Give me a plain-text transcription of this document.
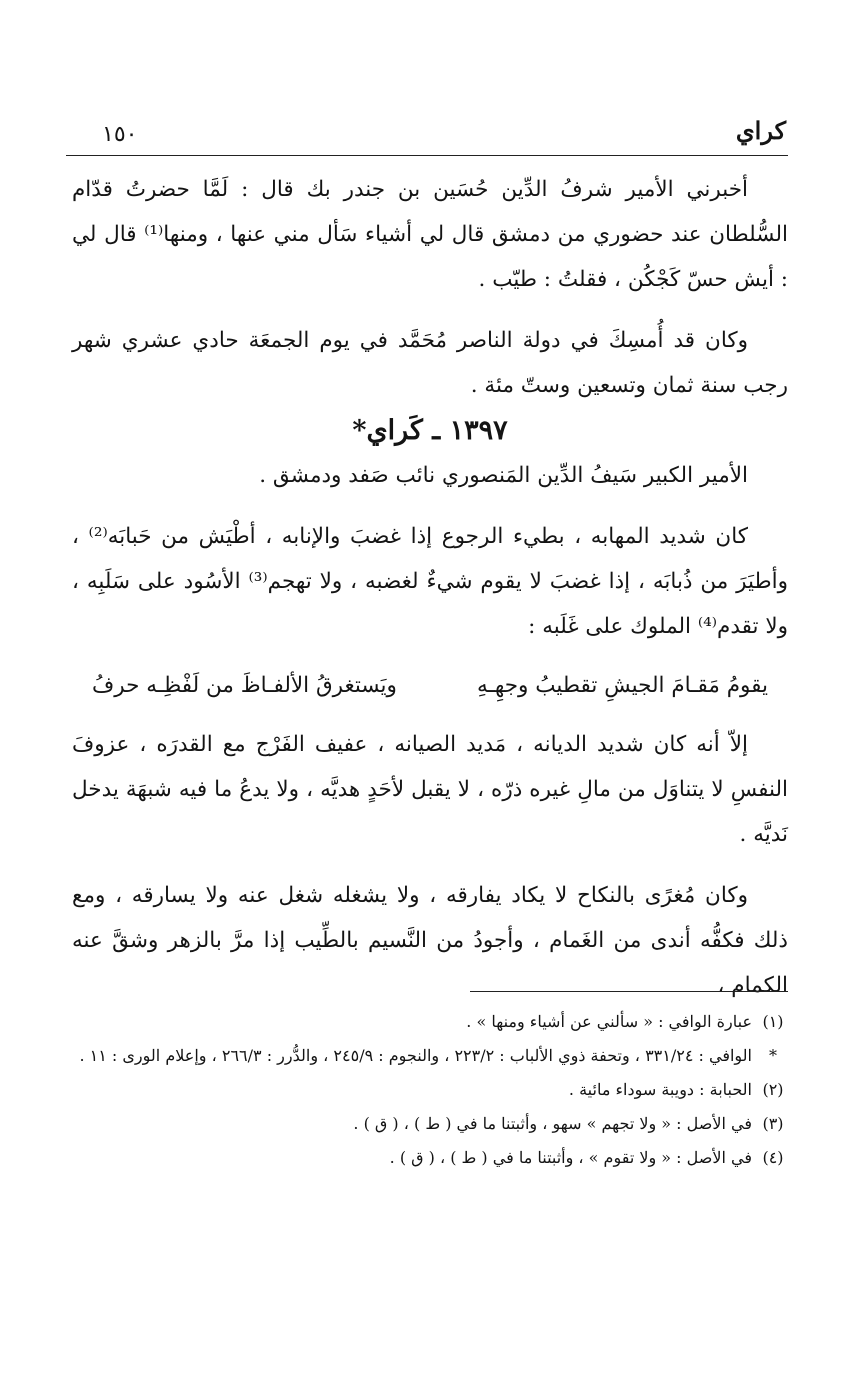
كراي
١٥٠

أخبرني الأمير شرفُ الدِّين حُسَين بن جندر بك قال : لَمَّا حضرتُ قدّام السُّلطان عند حضوري من دمشق قال لي أشياء سَأل مني عنها ، ومنها⁽¹⁾ قال لي : أيش حسّ كَجْكُن ، فقلتُ : طيّب .

وكان قد أُمسِكَ في دولة الناصر مُحَمَّد في يوم الجمعَة حادي عشري شهر رجب سنة ثمان وتسعين وستّ مئة .

١٣٩٧ ـ كَراي*

الأمير الكبير سَيفُ الدِّين المَنصوري نائب صَفد ودمشق .

كان شديد المهابه ، بطيء الرجوع إذا غضبَ والإنابه ، أطْيَش من حَبابَه⁽²⁾ ، وأطيَرَ من ذُبابَه ، إذا غضبَ لا يقوم شيءٌ لغضبه ، ولا تهجم⁽³⁾ الأسُود على سَلَبِه ، ولا تقدم⁽⁴⁾ الملوك على غَلَبه :

يقومُ مَقـامَ الجيشِ تقطيبُ وجهِـهِ
ويَستغرقُ الألفـاظَ من لَفْظِـه حرفُ

إلاّ أنه كان شديد الديانه ، مَديد الصيانه ، عفيف الفَرْج مع القدرَه ، عزوفَ النفسِ لا يتناوَل من مالِ غيره ذرّه ، لا يقبل لأحَدٍ هديَّه ، ولا يدعُ ما فيه شبهَة يدخل نَديَّه .

وكان مُغرًى بالنكاح لا يكاد يفارقه ، ولا يشغله شغل عنه ولا يسارقه ، ومع ذلك فكفُّه أندى من الغَمام ، وأجودُ من النَّسيم بالطِّيب إذا مرَّ بالزهر وشقَّ عنه الكمام ،

(١)
عبارة الوافي : « سألني عن أشياء ومنها » .
*
الوافي : ٣٣١/٢٤ ، وتحفة ذوي الألباب : ٢٢٣/٢ ، والنجوم : ٢٤٥/٩ ، والدُّرر : ٢٦٦/٣ ، وإعلام الورى : ١١ .
(٢)
الحبابة : دويبة سوداء مائية .
(٣)
في الأصل : « ولا تجهم » سهو ، وأثبتنا ما في ( ط ) ، ( ق ) .
(٤)
في الأصل : « ولا تقوم » ، وأثبتنا ما في ( ط ) ، ( ق ) .
